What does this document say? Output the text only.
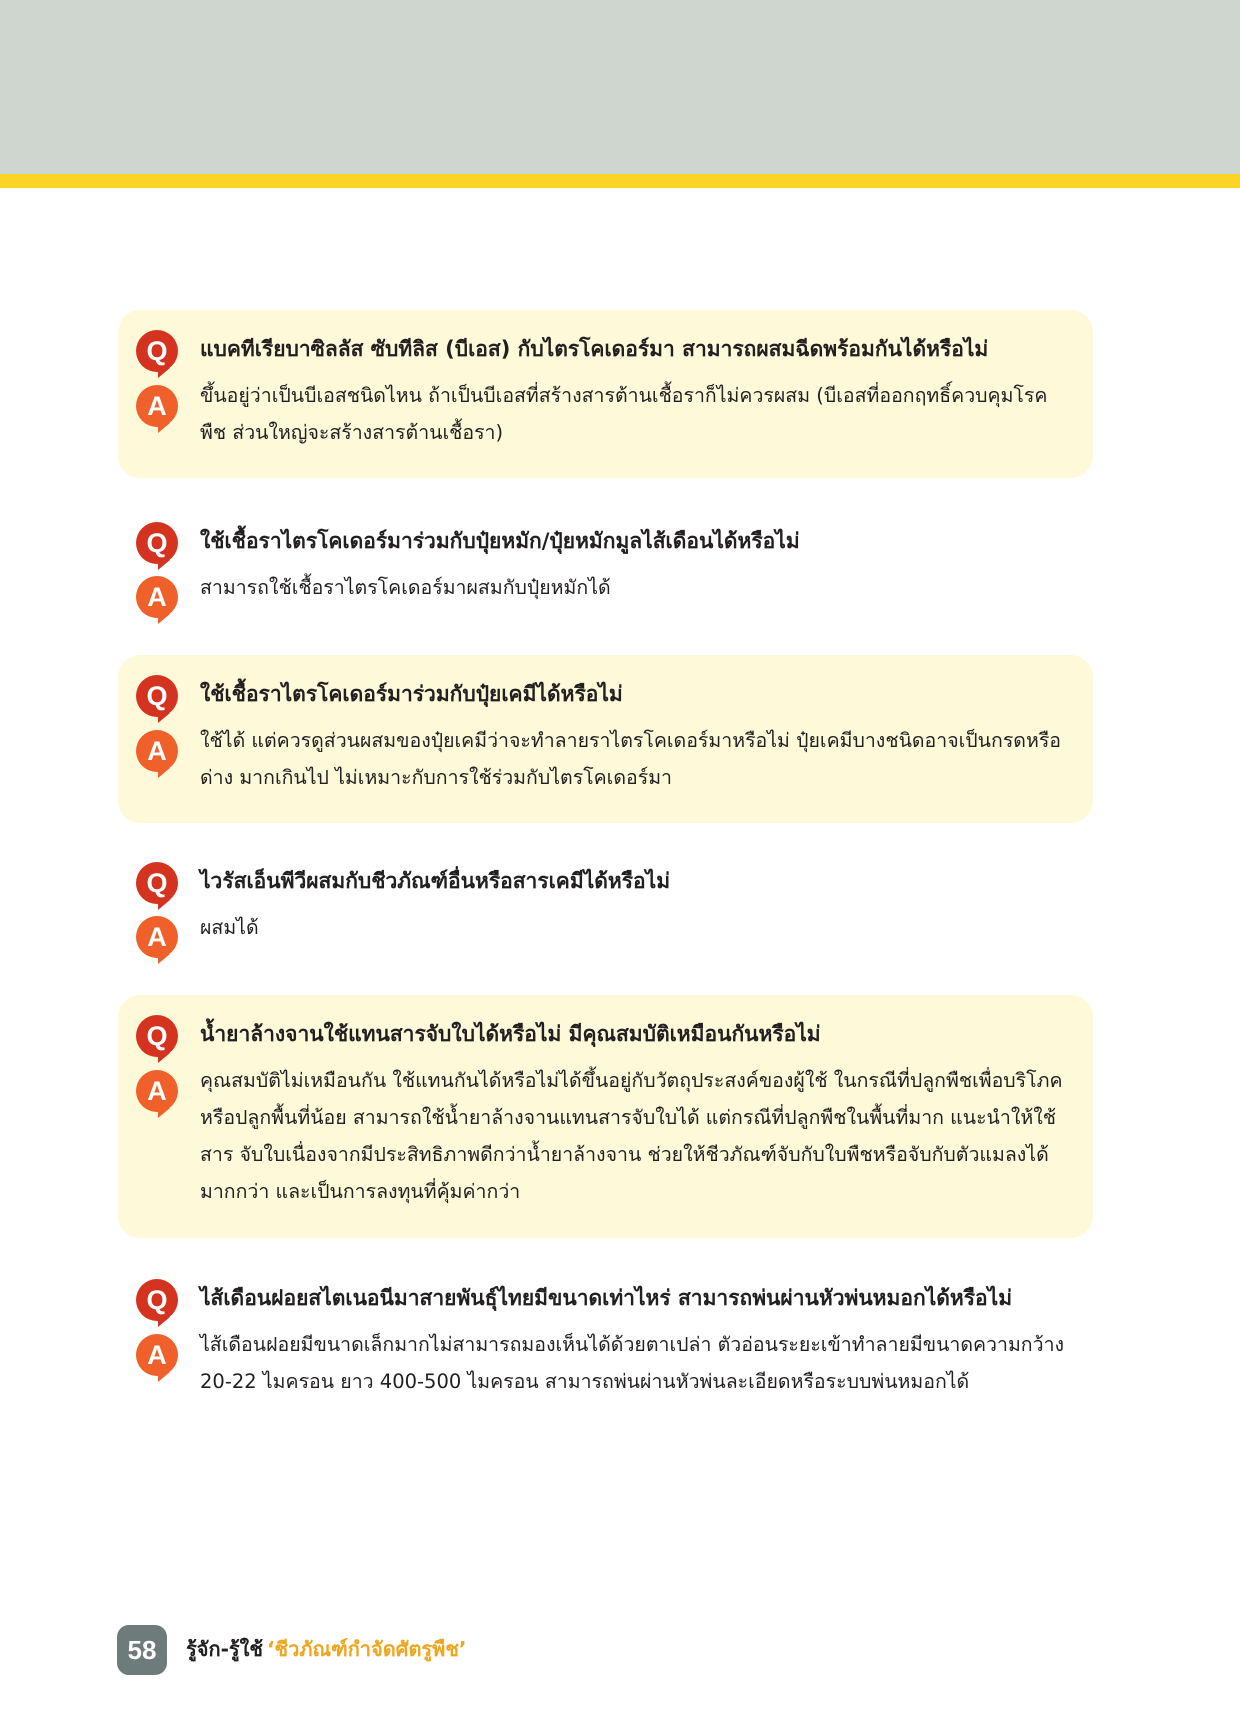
Q	แบคทีเรียบาซิลลัส ซับทีลิส (บีเอส) กับไตรโคเดอร์มา สามารถผสมฉีดพร้อมกันได้หรือไม่
A	ขึ้นอยู่ว่าเป็นบีเอสชนิดไหน ถ้าเป็นบีเอสที่สร้างสารต้านเชื้อราก็ไม่ควรผสม (บีเอสที่ออกฤทธิ์ควบคุมโรคพืช ส่วนใหญ่จะสร้างสารต้านเชื้อรา)
Q	ใช้เชื้อราไตรโคเดอร์มาร่วมกับปุ๋ยหมัก/ปุ๋ยหมักมูลไส้เดือนได้หรือไม่
A	สามารถใช้เชื้อราไตรโคเดอร์มาผสมกับปุ๋ยหมักได้
Q	ใช้เชื้อราไตรโคเดอร์มาร่วมกับปุ๋ยเคมีได้หรือไม่
A	ใช้ได้ แต่ควรดูส่วนผสมของปุ๋ยเคมีว่าจะทำลายราไตรโคเดอร์มาหรือไม่ ปุ๋ยเคมีบางชนิดอาจเป็นกรดหรือด่าง มากเกินไป ไม่เหมาะกับการใช้ร่วมกับไตรโคเดอร์มา
Q	ไวรัสเอ็นพีวีผสมกับชีวภัณฑ์อื่นหรือสารเคมีได้หรือไม่
A	ผสมได้
Q	น้ำยาล้างจานใช้แทนสารจับใบได้หรือไม่ มีคุณสมบัติเหมือนกันหรือไม่
A	คุณสมบัติไม่เหมือนกัน ใช้แทนกันได้หรือไม่ได้ขึ้นอยู่กับวัตถุประสงค์ของผู้ใช้ ในกรณีที่ปลูกพืชเพื่อบริโภค หรือปลูกพื้นที่น้อย สามารถใช้น้ำยาล้างจานแทนสารจับใบได้ แต่กรณีที่ปลูกพืชในพื้นที่มาก แนะนำให้ใช้สาร จับใบเนื่องจากมีประสิทธิภาพดีกว่าน้ำยาล้างจาน ช่วยให้ชีวภัณฑ์จับกับใบพืชหรือจับกับตัวแมลงได้มากกว่า และเป็นการลงทุนที่คุ้มค่ากว่า
Q	ไส้เดือนฝอยสไตเนอนีมาสายพันธุ์ไทยมีขนาดเท่าไหร่ สามารถพ่นผ่านหัวพ่นหมอกได้หรือไม่
A	ไส้เดือนฝอยมีขนาดเล็กมากไม่สามารถมองเห็นได้ด้วยตาเปล่า ตัวอ่อนระยะเข้าทำลายมีขนาดความกว้าง 20-22 ไมครอน ยาว 400-500 ไมครอน สามารถพ่นผ่านหัวพ่นละเอียดหรือระบบพ่นหมอกได้
58	รู้จัก-รู้ใช้ ‘ชีวภัณฑ์กำจัดศัตรูพืช’
